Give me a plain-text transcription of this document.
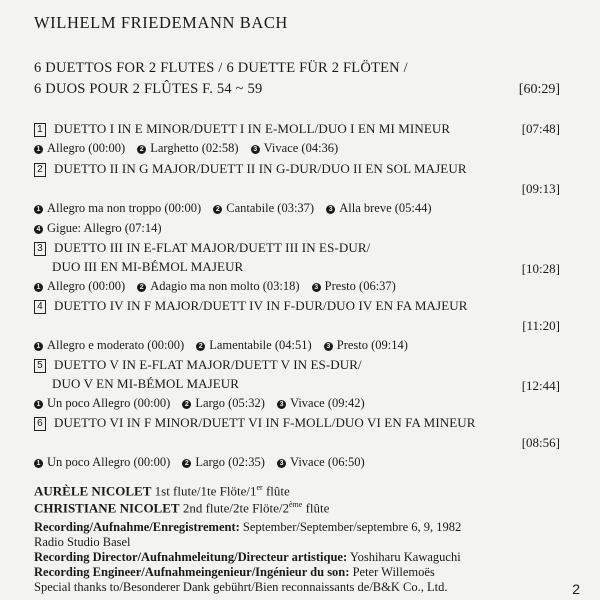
WILHELM FRIEDEMANN BACH
6 DUETTOS FOR 2 FLUTES / 6 DUETTE FÜR 2 FLÖTEN /
6 DUOS POUR 2 FLÛTES F. 54 ~ 59	[60:29]
1 DUETTO I IN E MINOR/DUETT I IN E-MOLL/DUO I EN MI MINEUR	[07:48]
1 Allegro (00:00) 2 Larghetto (02:58) 3 Vivace (04:36)
2 DUETTO II IN G MAJOR/DUETT II IN G-DUR/DUO II EN SOL MAJEUR
[09:13]
1 Allegro ma non troppo (00:00) 2 Cantabile (03:37) 3 Alla breve (05:44)
4 Gigue: Allegro (07:14)
3 DUETTO III IN E-FLAT MAJOR/DUETT III IN ES-DUR/
DUO III EN MI-BÉMOL MAJEUR	[10:28]
1 Allegro (00:00) 2 Adagio ma non molto (03:18) 3 Presto (06:37)
4 DUETTO IV IN F MAJOR/DUETT IV IN F-DUR/DUO IV EN FA MAJEUR
[11:20]
1 Allegro e moderato (00:00) 2 Lamentabile (04:51) 3 Presto (09:14)
5 DUETTO V IN E-FLAT MAJOR/DUETT V IN ES-DUR/
DUO V EN MI-BÉMOL MAJEUR	[12:44]
1 Un poco Allegro (00:00) 2 Largo (05:32) 3 Vivace (09:42)
6 DUETTO VI IN F MINOR/DUETT VI IN F-MOLL/DUO VI EN FA MINEUR
[08:56]
1 Un poco Allegro (00:00) 2 Largo (02:35) 3 Vivace (06:50)
AURÈLE NICOLET 1st flute/1te Flöte/1er flûte
CHRISTIANE NICOLET 2nd flute/2te Flöte/2ème flûte
Recording/Aufnahme/Enregistrement: September/September/septembre 6, 9, 1982
Radio Studio Basel
Recording Director/Aufnahmeleitung/Directeur artistique: Yoshiharu Kawaguchi
Recording Engineer/Aufnahmeingenieur/Ingénieur du son: Peter Willemoës
2
Special thanks to/Besonderer Dank gebührt/Bien reconnaissants de/B&K Co., Ltd.
